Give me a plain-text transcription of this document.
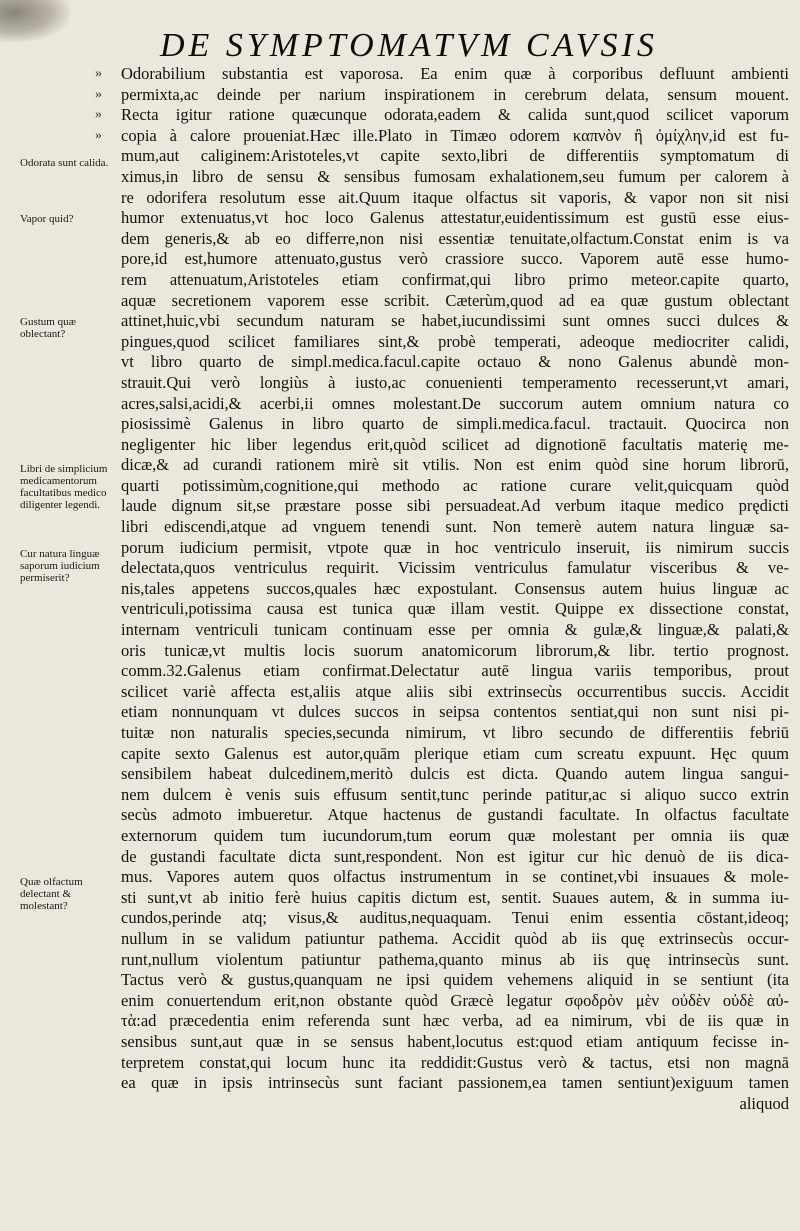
DE SYMPTOMATVM CAVSIS
Odorata sunt calida.
Vapor quid?
Gustum quæ oblectant?
Libri de simplicium medicamentorum facultatibus medico diligenter legendi.
Cur natura linguæ saporum iudicium permiserit?
Quæ olfactum delectant & molestant?
»	Odorabilium substantia est vaporosa. Ea enim quæ à corporibus defluunt ambienti
»	permixta,ac deinde per narium inspirationem in cerebrum delata, sensum mouent.
»	Recta igitur ratione quæcunque odorata,eadem & calida sunt,quod scilicet vaporum
»	copia à calore proueniat.Hæc ille.Plato in Timæo odorem καπνὸν ἢ ὀμίχλην,id est fu-
mum,aut caliginem:Aristoteles,vt capite sexto,libri de differentiis symptomatum di
ximus,in libro de sensu & sensibus fumosam exhalationem,seu fumum per calorem à
re odorifera resolutum esse ait.Quum itaque olfactus sit vaporis, & vapor non sit nisi
humor extenuatus,vt hoc loco Galenus attestatur,euidentissimum est gustū esse eius-
dem generis,& ab eo differre,non nisi essentiæ tenuitate,olfactum.Constat enim is va
pore,id est,humore attenuato,gustus verò crassiore succo. Vaporem autē esse humo-
rem attenuatum,Aristoteles etiam confirmat,qui libro primo meteor.capite quarto,
aquæ secretionem vaporem esse scribit. Cæterùm,quod ad ea quæ gustum oblectant
attinet,huic,vbi secundum naturam se habet,iucundissimi sunt omnes succi dulces &
pingues,quod scilicet familiares sint,& probè temperati, adeoque mediocriter calidi,
vt libro quarto de simpl.medica.facul.capite octauo & nono Galenus abundè mon-
strauit.Qui verò longiùs à iusto,ac conuenienti temperamento recesserunt,vt amari,
acres,salsi,acidi,& acerbi,ii omnes molestant.De succorum autem omnium natura co
piosissimè Galenus in libro quarto de simpli.medica.facul. tractauit. Quocirca non
negligenter hic liber legendus erit,quòd scilicet ad dignotionē facultatis materię me-
dicæ,& ad curandi rationem mirè sit vtilis. Non est enim quòd sine horum librorū,
quarti potissimùm,cognitione,qui methodo ac ratione curare velit,quicquam quòd
laude dignum sit,se præstare posse sibi persuadeat.Ad verbum itaque medico prędicti
libri ediscendi,atque ad vnguem tenendi sunt. Non temerè autem natura linguæ sa-
porum iudicium permisit, vtpote quæ in hoc ventriculo inseruit, iis nimirum succis
delectata,quos ventriculus requirit. Vicissim ventriculus famulatur visceribus & ve-
nis,tales appetens succos,quales hæc expostulant. Consensus autem huius linguæ ac
ventriculi,potissima causa est tunica quæ illam vestit. Quippe ex dissectione constat,
internam ventriculi tunicam continuam esse per omnia & gulæ,& linguæ,& palati,&
oris tunicæ,vt multis locis suorum anatomicorum librorum,& libr. tertio prognost.
comm.32.Galenus etiam confirmat.Delectatur autē lingua variis temporibus, prout
scilicet variè affecta est,aliis atque aliis sibi extrinsecùs occurrentibus succis. Accidit
etiam nonnunquam vt dulces succos in seipsa contentos sentiat,qui non sunt nisi pi-
tuitæ non naturalis species,secunda nimirum, vt libro secundo de differentiis febriū
capite sexto Galenus est autor,quām plerique etiam cum screatu expuunt. Hęc quum
sensibilem habeat dulcedinem,meritò dulcis est dicta. Quando autem lingua sangui-
nem dulcem è venis suis effusum sentit,tunc perinde patitur,ac si aliquo succo extrin
secùs admoto imbueretur. Atque hactenus de gustandi facultate. In olfactus facultate
externorum quidem tum iucundorum,tum eorum quæ molestant per omnia iis quæ
de gustandi facultate dicta sunt,respondent. Non est igitur cur hìc denuò de iis dica-
mus. Vapores autem quos olfactus instrumentum in se continet,vbi insuaues & mole-
sti sunt,vt ab initio ferè huius capitis dictum est, sentit. Suaues autem, & in summa iu-
cundos,perinde atq; visus,& auditus,nequaquam. Tenui enim essentia cōstant,ideoq;
nullum in se validum patiuntur pathema. Accidit quòd ab iis quę extrinsecùs occur-
runt,nullum violentum patiuntur pathema,quanto minus ab iis quę intrinsecùs sunt.
Tactus verò & gustus,quanquam ne ipsi quidem vehemens aliquid in se sentiunt (ita
enim conuertendum erit,non obstante quòd Græcè legatur σφοδρὸν μὲν οὐδὲν οὐδὲ αὐ-
τὰ:ad præcedentia enim referenda sunt hæc verba, ad ea nimirum, vbi de iis quæ in
sensibus sunt,aut quæ in se sensus habent,locutus est:quod etiam antiquum fecisse in-
terpretem constat,qui locum hunc ita reddidit:Gustus verò & tactus, etsi non magnā
ea quæ in ipsis intrinsecùs sunt faciant passionem,ea tamen sentiunt)exiguum tamen
aliquod
